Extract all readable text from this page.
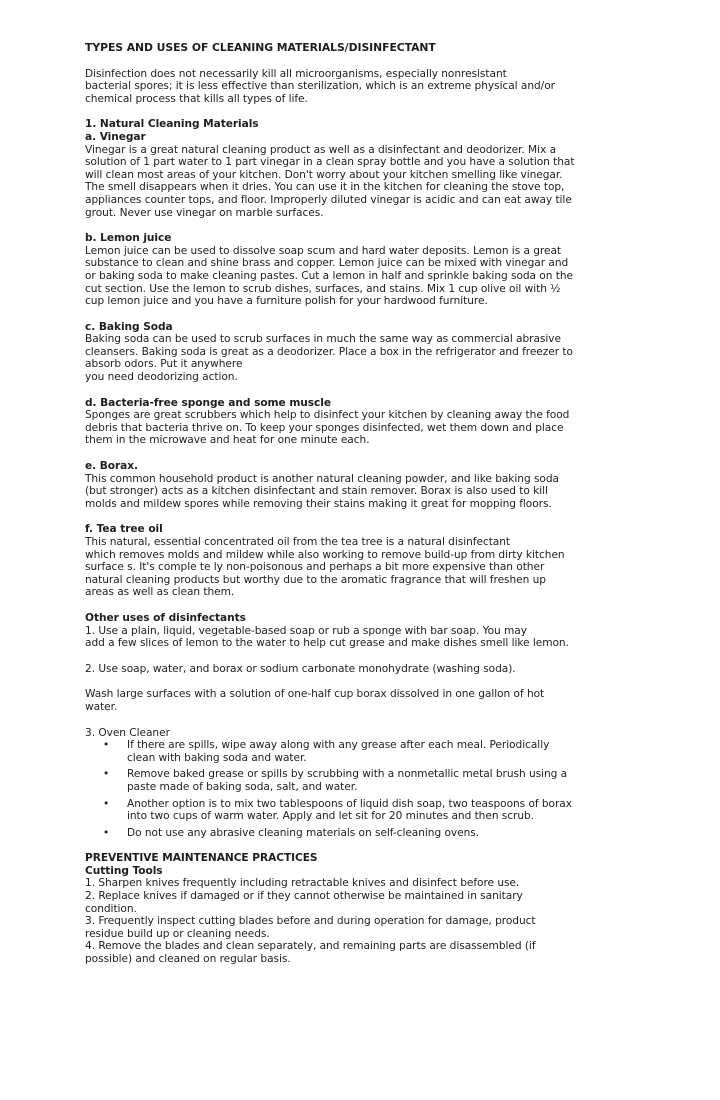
TYPES AND USES OF CLEANING MATERIALS/DISINFECTANT

Disinfection does not necessarily kill all microorganisms, especially nonresistant
bacterial spores; it is less effective than sterilization, which is an extreme physical and/or
chemical process that kills all types of life.

1. Natural Cleaning Materials
a. Vinegar

Vinegar is a great natural cleaning product as well as a disinfectant and deodorizer. Mix a
solution of 1 part water to 1 part vinegar in a clean spray bottle and you have a solution that
will clean most areas of your kitchen. Don't worry about your kitchen smelling like vinegar.
The smell disappears when it dries. You can use it in the kitchen for cleaning the stove top,
appliances counter tops, and floor. Improperly diluted vinegar is acidic and can eat away tile
grout. Never use vinegar on marble surfaces.

b. Lemon juice

Lemon juice can be used to dissolve soap scum and hard water deposits. Lemon is a great
substance to clean and shine brass and copper. Lemon juice can be mixed with vinegar and
or baking soda to make cleaning pastes. Cut a lemon in half and sprinkle baking soda on the
cut section. Use the lemon to scrub dishes, surfaces, and stains. Mix 1 cup olive oil with ½
cup lemon juice and you have a furniture polish for your hardwood furniture.

c. Baking Soda

Baking soda can be used to scrub surfaces in much the same way as commercial abrasive
cleansers. Baking soda is great as a deodorizer. Place a box in the refrigerator and freezer to
absorb odors. Put it anywhere
you need deodorizing action.

d. Bacteria-free sponge and some muscle

Sponges are great scrubbers which help to disinfect your kitchen by cleaning away the food
debris that bacteria thrive on. To keep your sponges disinfected, wet them down and place
them in the microwave and heat for one minute each.

e. Borax.

This common household product is another natural cleaning powder, and like baking soda
(but stronger) acts as a kitchen disinfectant and stain remover. Borax is also used to kill
molds and mildew spores while removing their stains making it great for mopping floors.

f. Tea tree oil

This natural, essential concentrated oil from the tea tree is a natural disinfectant
which removes molds and mildew while also working to remove build-up from dirty kitchen
surface s. It's comple te ly non-poisonous and perhaps a bit more expensive than other
natural cleaning products but worthy due to the aromatic fragrance that will freshen up
areas as well as clean them.

Other uses of disinfectants

1. Use a plain, liquid, vegetable-based soap or rub a sponge with bar soap. You may
add a few slices of lemon to the water to help cut grease and make dishes smell like lemon.

2. Use soap, water, and borax or sodium carbonate monohydrate (washing soda).

Wash large surfaces with a solution of one-half cup borax dissolved in one gallon of hot
water.

3. Oven Cleaner

• If there are spills, wipe away along with any grease after each meal. Periodically
clean with baking soda and water.
• Remove baked grease or spills by scrubbing with a nonmetallic metal brush using a
paste made of baking soda, salt, and water.
• Another option is to mix two tablespoons of liquid dish soap, two teaspoons of borax
into two cups of warm water. Apply and let sit for 20 minutes and then scrub.
• Do not use any abrasive cleaning materials on self-cleaning ovens.
PREVENTIVE MAINTENANCE PRACTICES
Cutting Tools

1. Sharpen knives frequently including retractable knives and disinfect before use.

2. Replace knives if damaged or if they cannot otherwise be maintained in sanitary
condition.

3. Frequently inspect cutting blades before and during operation for damage, product
residue build up or cleaning needs.

4. Remove the blades and clean separately, and remaining parts are disassembled (if
possible) and cleaned on regular basis.
